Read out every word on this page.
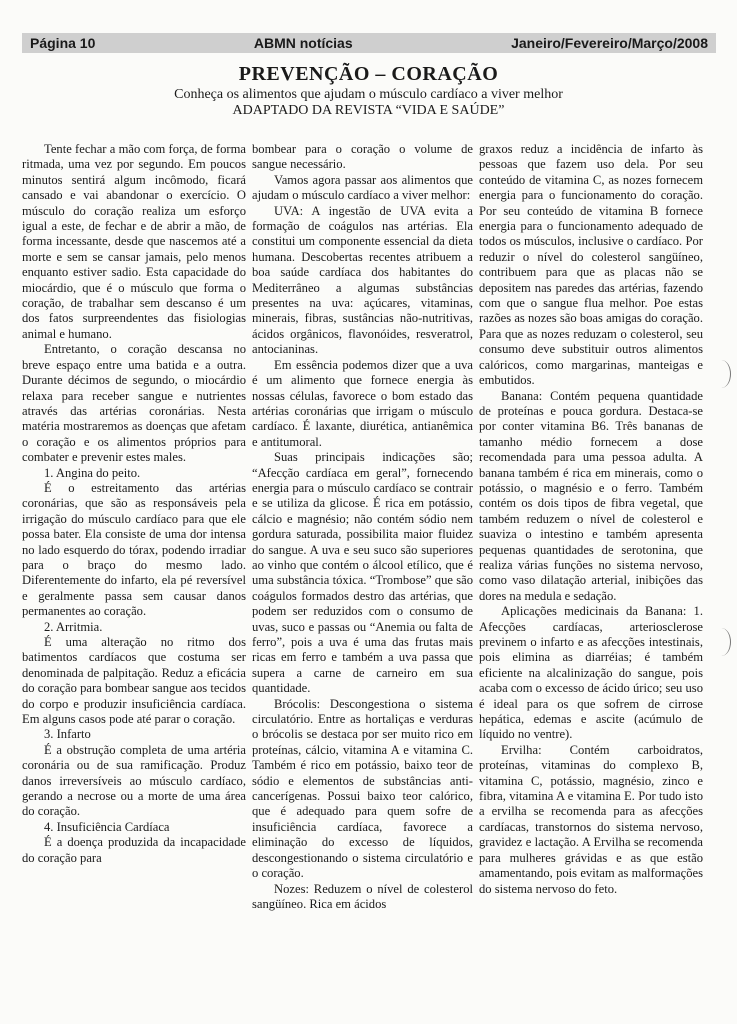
Página 10	ABMN notícias	Janeiro/Fevereiro/Março/2008
PREVENÇÃO – CORAÇÃO

Conheça os alimentos que ajudam o músculo cardíaco a viver melhor

ADAPTADO DA REVISTA “VIDA E SAÚDE”

Tente fechar a mão com força, de forma ritmada, uma vez por segundo. Em poucos minutos sentirá algum incômodo, ficará cansado e vai abandonar o exercício. O músculo do coração realiza um esforço igual a este, de fechar e de abrir a mão, de forma incessante, desde que nascemos até a morte e sem se cansar jamais, pelo menos enquanto estiver sadio. Esta capacidade do miocárdio, que é o músculo que forma o coração, de trabalhar sem descanso é um dos fatos surpreendentes das fisiologias animal e humano.

Entretanto, o coração descansa no breve espaço entre uma batida e a outra. Durante décimos de segundo, o miocárdio relaxa para receber sangue e nutrientes através das artérias coronárias. Nesta matéria mostraremos as doenças que afetam o coração e os alimentos próprios para combater e prevenir estes males.

1. Angina do peito.

É o estreitamento das artérias coronárias, que são as responsáveis pela irrigação do músculo cardíaco para que ele possa bater. Ela consiste de uma dor intensa no lado esquerdo do tórax, podendo irradiar para o braço do mesmo lado. Diferentemente do infarto, ela pé reversível e geralmente passa sem causar danos permanentes ao coração.

2. Arritmia.

É uma alteração no ritmo dos batimentos cardíacos que costuma ser denominada de palpitação. Reduz a eficácia do coração para bombear sangue aos tecidos do corpo e produzir insuficiência cardíaca. Em alguns casos pode até parar o coração.

3. Infarto

É a obstrução completa de uma artéria coronária ou de sua ramificação. Produz danos irreversíveis ao músculo cardíaco, gerando a necrose ou a morte de uma área do coração.

4. Insuficiência Cardíaca

É a doença produzida da incapacidade do coração para

bombear para o coração o volume de sangue necessário.

Vamos agora passar aos alimentos que ajudam o músculo cardíaco a viver melhor:

UVA: A ingestão de UVA evita a formação de coágulos nas artérias. Ela constitui um componente essencial da dieta humana. Descobertas recentes atribuem a boa saúde cardíaca dos habitantes do Mediterrâneo a algumas substâncias presentes na uva: açúcares, vitaminas, minerais, fibras, sustâncias não-nutritivas, ácidos orgânicos, flavonóides, resveratrol, antocianinas.

Em essência podemos dizer que a uva é um alimento que fornece energia às nossas células, favorece o bom estado das artérias coronárias que irrigam o músculo cardíaco. É laxante, diurética, antianêmica e antitumoral.

Suas principais indicações são; “Afecção cardíaca em geral”, fornecendo energia para o músculo cardíaco se contrair e se utiliza da glicose. É rica em potássio, cálcio e magnésio; não contém sódio nem gordura saturada, possibilita maior fluidez do sangue. A uva e seu suco são superiores ao vinho que contém o álcool etílico, que é uma substância tóxica. “Trombose” que são coágulos formados destro das artérias, que podem ser reduzidos com o consumo de uvas, suco e passas ou “Anemia ou falta de ferro”, pois a uva é uma das frutas mais ricas em ferro e também a uva passa que supera a carne de carneiro em sua quantidade.

Brócolis: Descongestiona o sistema circulatório. Entre as hortaliças e verduras o brócolis se destaca por ser muito rico em proteínas, cálcio, vitamina A e vitamina C. Também é rico em potássio, baixo teor de sódio e elementos de substâncias anti-cancerígenas. Possui baixo teor calórico, que é adequado para quem sofre de insuficiência cardíaca, favorece a eliminação do excesso de líquidos, descongestionando o sistema circulatório e o coração.

Nozes: Reduzem o nível de colesterol sangüíneo. Rica em ácidos

graxos reduz a incidência de infarto às pessoas que fazem uso dela. Por seu conteúdo de vitamina C, as nozes fornecem energia para o funcionamento do coração. Por seu conteúdo de vitamina B fornece energia para o funcionamento adequado de todos os músculos, inclusive o cardíaco. Por reduzir o nível do colesterol sangüíneo, contribuem para que as placas não se depositem nas paredes das artérias, fazendo com que o sangue flua melhor. Poe estas razões as nozes são boas amigas do coração. Para que as nozes reduzam o colesterol, seu consumo deve substituir outros alimentos calóricos, como margarinas, manteigas e embutidos.

Banana: Contém pequena quantidade de proteínas e pouca gordura. Destaca-se por conter vitamina B6. Três bananas de tamanho médio fornecem a dose recomendada para uma pessoa adulta. A banana também é rica em minerais, como o potássio, o magnésio e o ferro. Também contém os dois tipos de fibra vegetal, que também reduzem o nível de colesterol e suaviza o intestino e também apresenta pequenas quantidades de serotonina, que realiza várias funções no sistema nervoso, como vaso dilatação arterial, inibições das dores na medula e sedação.

Aplicações medicinais da Banana: 1. Afecções cardíacas, arteriosclerose previnem o infarto e as afecções intestinais, pois elimina as diarréias; é também eficiente na alcalinização do sangue, pois acaba com o excesso de ácido úrico; seu uso é ideal para os que sofrem de cirrose hepática, edemas e ascite (acúmulo de líquido no ventre).

Ervilha: Contém carboidratos, proteínas, vitaminas do complexo B, vitamina C, potássio, magnésio, zinco e fibra, vitamina A e vitamina E. Por tudo isto a ervilha se recomenda para as afecções cardíacas, transtornos do sistema nervoso, gravidez e lactação. A Ervilha se recomenda para mulheres grávidas e as que estão amamentando, pois evitam as malformações do sistema nervoso do feto.
